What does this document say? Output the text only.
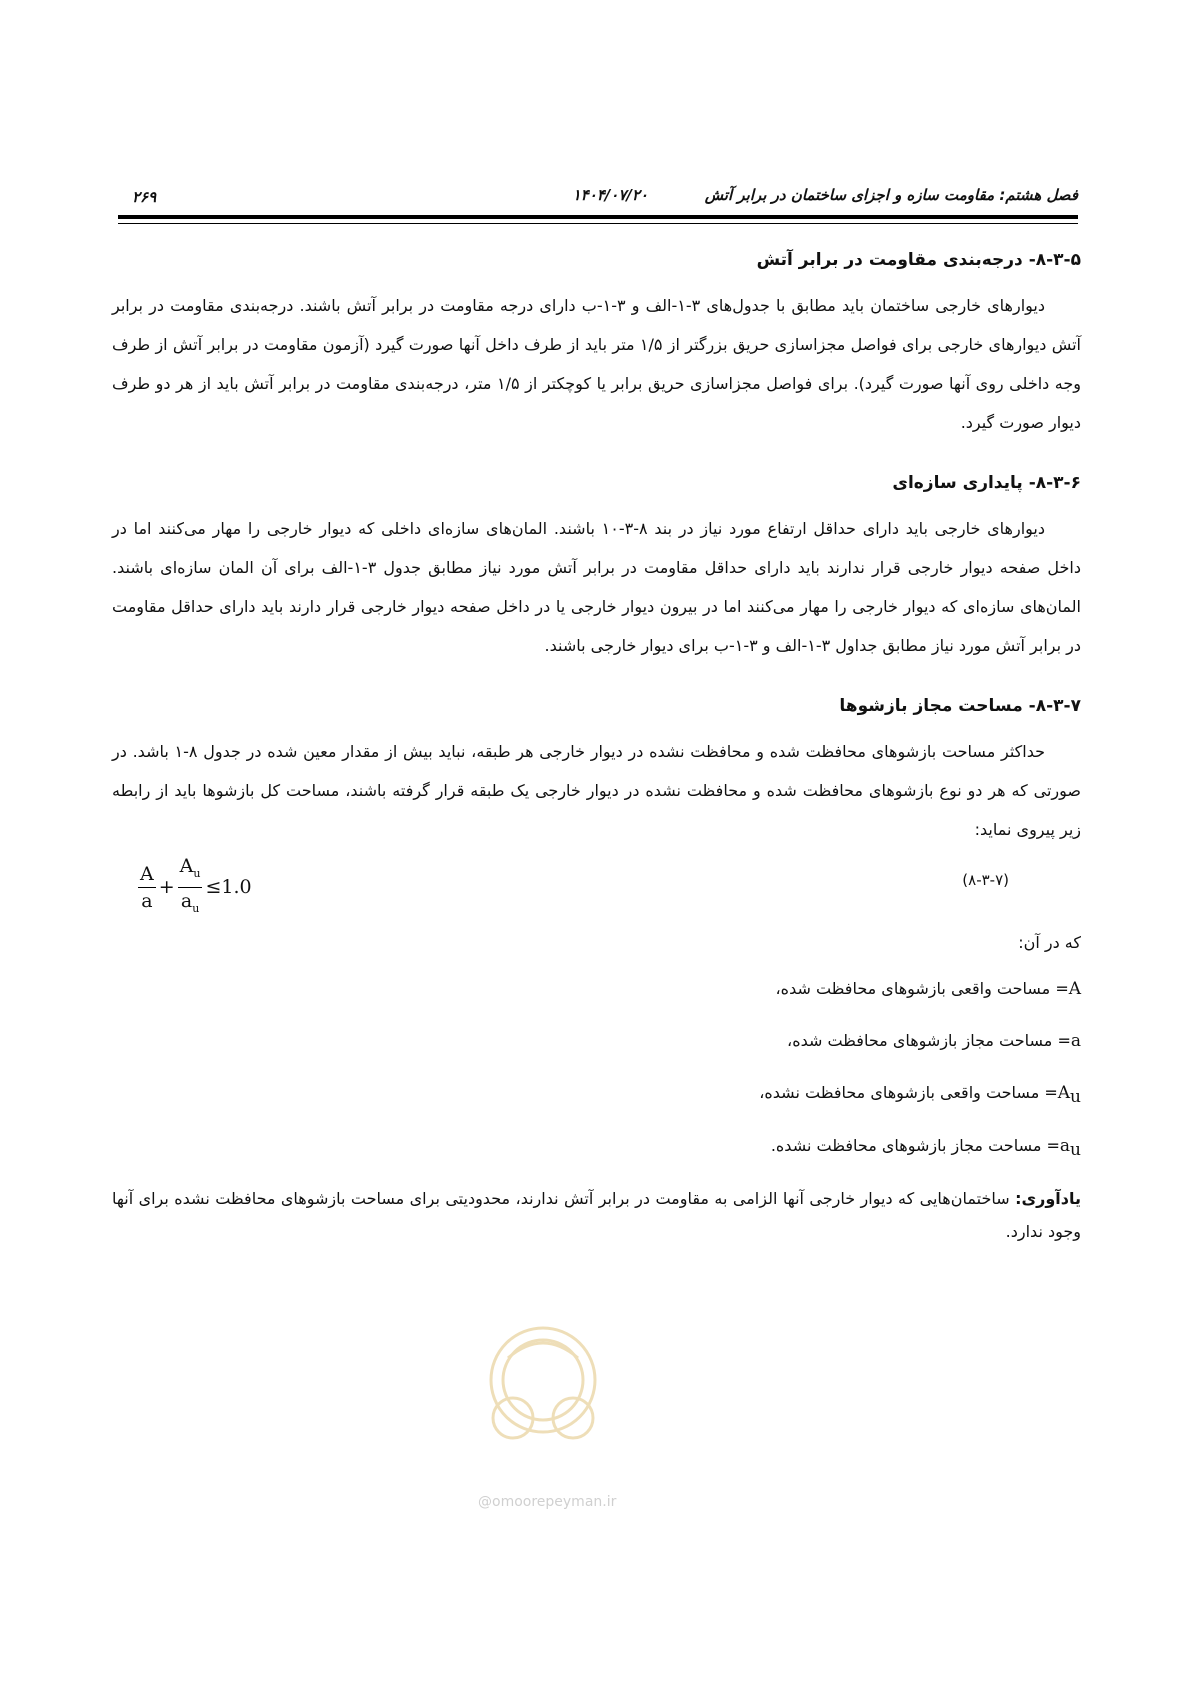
فصل هشتم: مقاومت سازه و اجزای ساختمان در برابر آتش
۱۴۰۴/۰۷/۲۰
۲۶۹
۸-۳-۵- درجه‌بندی مقاومت در برابر آتش

دیوارهای خارجی ساختمان باید مطابق با جدول‌های ۳-۱-الف و ۳-۱-ب دارای درجه مقاومت در برابر آتش باشند. درجه‌بندی مقاومت در برابر آتش دیوارهای خارجی برای فواصل مجزاسازی حریق بزرگتر از ۱/۵ متر باید از طرف داخل آنها صورت گیرد (آزمون مقاومت در برابر آتش از طرف وجه داخلی روی آنها صورت گیرد). برای فواصل مجزاسازی حریق برابر یا کوچکتر از ۱/۵ متر، درجه‌بندی مقاومت در برابر آتش باید از هر دو طرف دیوار صورت گیرد.

۸-۳-۶- پایداری سازه‌ای

دیوارهای خارجی باید دارای حداقل ارتفاع مورد نیاز در بند ۸-۳-۱۰ باشند. المان‌های سازه‌ای داخلی که دیوار خارجی را مهار می‌کنند اما در داخل صفحه دیوار خارجی قرار ندارند باید دارای حداقل مقاومت در برابر آتش مورد نیاز مطابق جدول ۳-۱-الف برای آن المان سازه‌ای باشند. المان‌های سازه‌ای که دیوار خارجی را مهار می‌کنند اما در بیرون دیوار خارجی یا در داخل صفحه دیوار خارجی قرار دارند باید دارای حداقل مقاومت در برابر آتش مورد نیاز مطابق جداول ۳-۱-الف و ۳-۱-ب برای دیوار خارجی باشند.

۸-۳-۷- مساحت مجاز بازشوها

حداکثر مساحت بازشوهای محافظت شده و محافظت نشده در دیوار خارجی هر طبقه، نباید بیش از مقدار معین شده در جدول ۸-۱ باشد. در صورتی که هر دو نوع بازشوهای محافظت شده و محافظت نشده در دیوار خارجی یک طبقه قرار گرفته باشند، مساحت کل بازشوها باید از رابطه زیر پیروی نماید:

$\frac{A}{a} + \frac{A_u}{a_u} \le 1.0$	(۸-۳-۷)

که در آن:

A= مساحت واقعی بازشوهای محافظت شده،

a= مساحت مجاز بازشوهای محافظت شده،

$A_u=$ مساحت واقعی بازشوهای محافظت نشده،

$a_u=$ مساحت مجاز بازشوهای محافظت نشده.

یادآوری: ساختمان‌هایی که دیوار خارجی آنها الزامی به مقاومت در برابر آتش ندارند، محدودیتی برای مساحت بازشوهای محافظت نشده برای آنها وجود ندارد.

@omoorepeyman.ir
